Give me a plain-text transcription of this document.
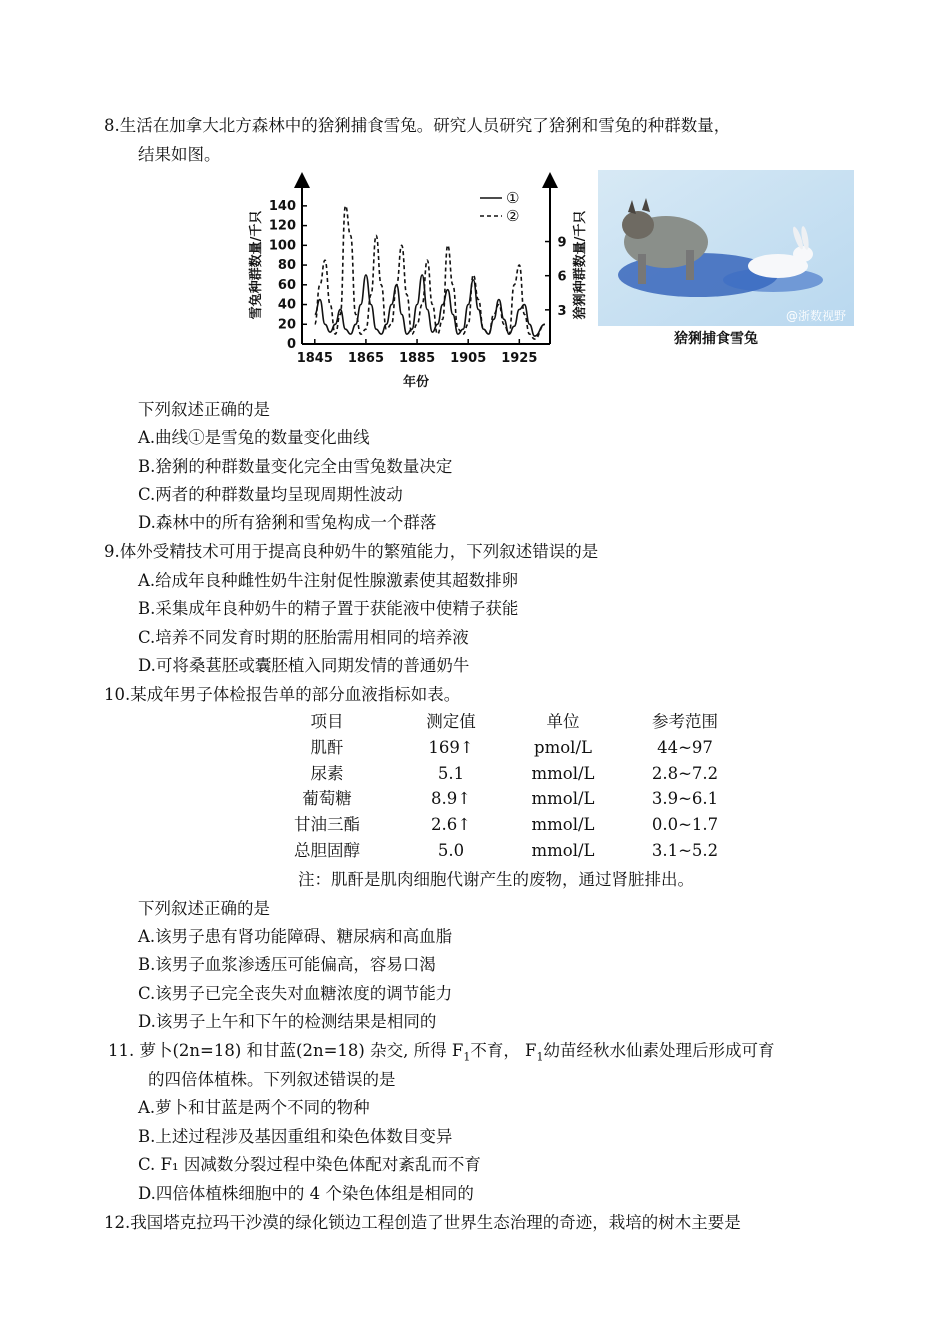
8.生活在加拿大北方森林中的猞猁捕食雪兔。研究人员研究了猞猁和雪兔的种群数量，
结果如图。
0
20
40
60
80
100
120
140
3
6
9
1845 1865 1885 1905 1925
年份
雪兔种群数量/千只	猞猁种群数量/千只
①
②
@浙数视野
猞猁捕食雪兔
下列叙述正确的是
A.曲线①是雪兔的数量变化曲线
B.猞猁的种群数量变化完全由雪兔数量决定
C.两者的种群数量均呈现周期性波动
D.森林中的所有猞猁和雪兔构成一个群落
9.体外受精技术可用于提高良种奶牛的繁殖能力，下列叙述错误的是
A.给成年良种雌性奶牛注射促性腺激素使其超数排卵
B.采集成年良种奶牛的精子置于获能液中使精子获能
C.培养不同发育时期的胚胎需用相同的培养液
D.可将桑葚胚或囊胚植入同期发情的普通奶牛
10.某成年男子体检报告单的部分血液指标如表。
项目	测定值	单位	参考范围
肌酐	169↑	pmol/L	44~97
尿素	5.1	mmol/L	2.8~7.2
葡萄糖	8.9↑	mmol/L	3.9~6.1
甘油三酯	2.6↑	mmol/L	0.0~1.7
总胆固醇	5.0	mmol/L	3.1~5.2
注：肌酐是肌肉细胞代谢产生的废物，通过肾脏排出。
下列叙述正确的是
A.该男子患有肾功能障碍、糖尿病和高血脂
B.该男子血浆渗透压可能偏高，容易口渴
C.该男子已完全丧失对血糖浓度的调节能力
D.该男子上午和下午的检测结果是相同的
11. 萝卜(2n=18) 和甘蓝(2n=18) 杂交, 所得 $F_1$不育， $F_1$幼苗经秋水仙素处理后形成可育
的四倍体植株。下列叙述错误的是
A.萝卜和甘蓝是两个不同的物种
B.上述过程涉及基因重组和染色体数目变异
C. F₁ 因减数分裂过程中染色体配对紊乱而不育
D.四倍体植株细胞中的 4 个染色体组是相同的
12.我国塔克拉玛干沙漠的绿化锁边工程创造了世界生态治理的奇迹，栽培的树木主要是
